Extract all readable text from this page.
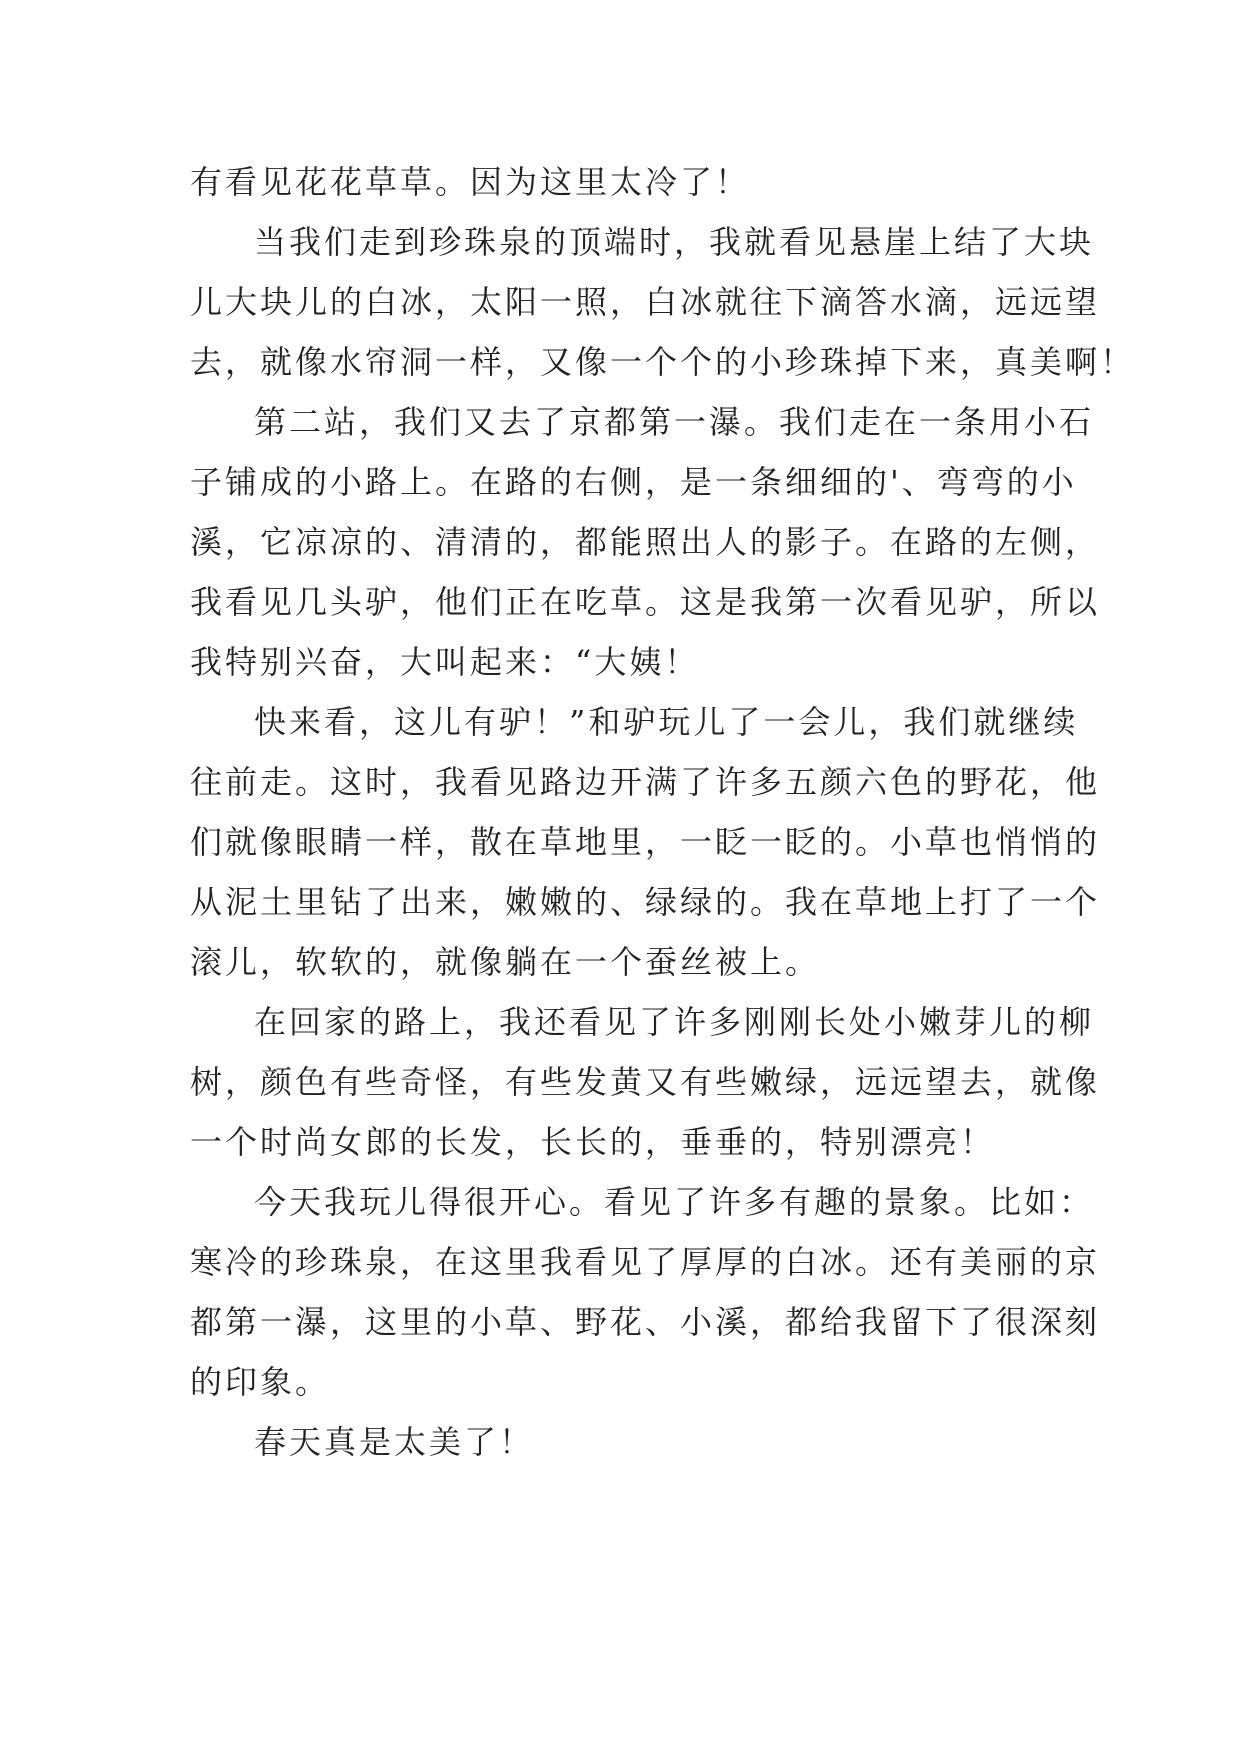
有看见花花草草。因为这里太冷了！
当我们走到珍珠泉的顶端时，我就看见悬崖上结了大块
儿大块儿的白冰，太阳一照，白冰就往下滴答水滴，远远望
去，就像水帘洞一样，又像一个个的小珍珠掉下来，真美啊！
第二站，我们又去了京都第一瀑。我们走在一条用小石
子铺成的小路上。在路的右侧，是一条细细的'、弯弯的小
溪，它凉凉的、清清的，都能照出人的影子。在路的左侧，
我看见几头驴，他们正在吃草。这是我第一次看见驴，所以
我特别兴奋，大叫起来：“大姨！
快来看，这儿有驴！”和驴玩儿了一会儿，我们就继续
往前走。这时，我看见路边开满了许多五颜六色的野花，他
们就像眼睛一样，散在草地里，一眨一眨的。小草也悄悄的
从泥土里钻了出来，嫩嫩的、绿绿的。我在草地上打了一个
滚儿，软软的，就像躺在一个蚕丝被上。
在回家的路上，我还看见了许多刚刚长处小嫩芽儿的柳
树，颜色有些奇怪，有些发黄又有些嫩绿，远远望去，就像
一个时尚女郎的长发，长长的，垂垂的，特别漂亮！
今天我玩儿得很开心。看见了许多有趣的景象。比如：
寒冷的珍珠泉，在这里我看见了厚厚的白冰。还有美丽的京
都第一瀑，这里的小草、野花、小溪，都给我留下了很深刻
的印象。
春天真是太美了！
